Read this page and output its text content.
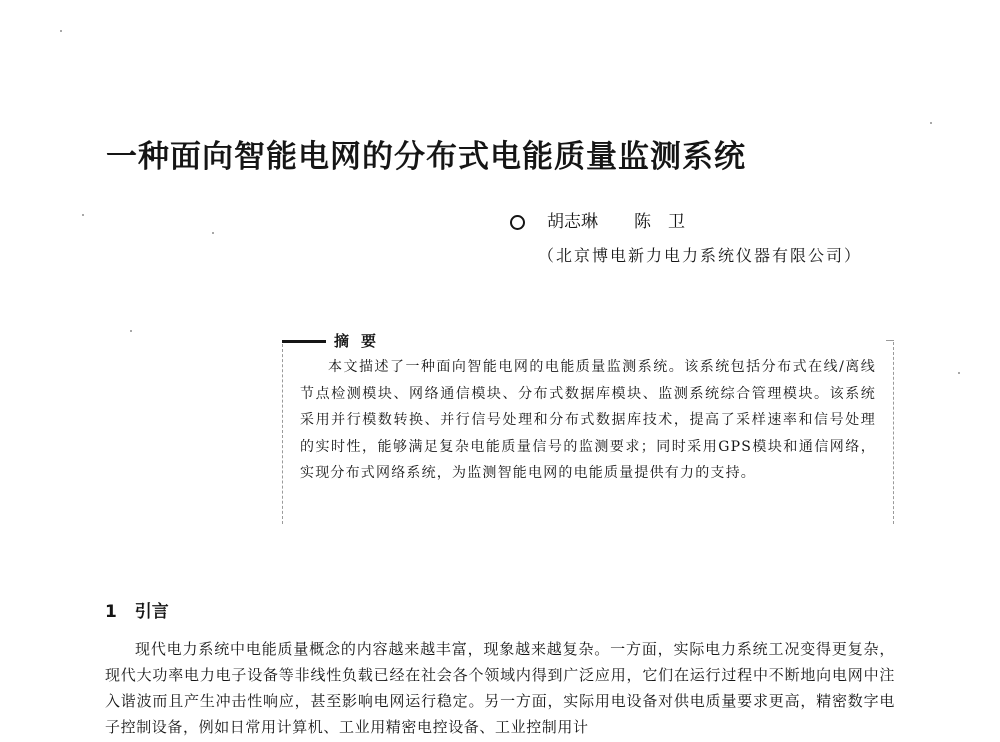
一种面向智能电网的分布式电能质量监测系统
胡志琳 陈　卫
（北京博电新力电力系统仪器有限公司）
摘要

本文描述了一种面向智能电网的电能质量监测系统。该系统包括分布式在线/离线节点检测模块、网络通信模块、分布式数据库模块、监测系统综合管理模块。该系统采用并行模数转换、并行信号处理和分布式数据库技术，提高了采样速率和信号处理的实时性，能够满足复杂电能质量信号的监测要求；同时采用GPS模块和通信网络，实现分布式网络系统，为监测智能电网的电能质量提供有力的支持。

1 引言

现代电力系统中电能质量概念的内容越来越丰富，现象越来越复杂。一方面，实际电力系统工况变得更复杂，现代大功率电力电子设备等非线性负载已经在社会各个领域内得到广泛应用，它们在运行过程中不断地向电网中注入谐波而且产生冲击性响应，甚至影响电网运行稳定。另一方面，实际用电设备对供电质量要求更高，精密数字电子控制设备，例如日常用计算机、工业用精密电控设备、工业控制用计
